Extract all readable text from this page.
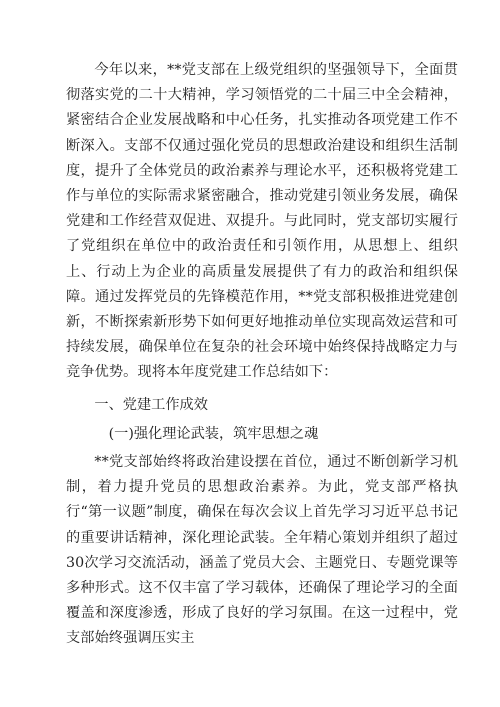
今年以来，**党支部在上级党组织的坚强领导下，全面贯彻落实党的二十大精神，学习领悟党的二十届三中全会精神，紧密结合企业发展战略和中心任务，扎实推动各项党建工作不断深入。支部不仅通过强化党员的思想政治建设和组织生活制度，提升了全体党员的政治素养与理论水平，还积极将党建工作与单位的实际需求紧密融合，推动党建引领业务发展，确保党建和工作经营双促进、双提升。与此同时，党支部切实履行了党组织在单位中的政治责任和引领作用，从思想上、组织上、行动上为企业的高质量发展提供了有力的政治和组织保障。通过发挥党员的先锋模范作用，**党支部积极推进党建创新，不断探索新形势下如何更好地推动单位实现高效运营和可持续发展，确保单位在复杂的社会环境中始终保持战略定力与竞争优势。现将本年度党建工作总结如下：

一、党建工作成效

(一)强化理论武装，筑牢思想之魂

**党支部始终将政治建设摆在首位，通过不断创新学习机制，着力提升党员的思想政治素养。为此，党支部严格执行“第一议题”制度，确保在每次会议上首先学习习近平总书记的重要讲话精神，深化理论武装。全年精心策划并组织了超过30次学习交流活动，涵盖了党员大会、主题党日、专题党课等多种形式。这不仅丰富了学习载体，还确保了理论学习的全面覆盖和深度渗透，形成了良好的学习氛围。在这一过程中，党支部始终强调压实主
